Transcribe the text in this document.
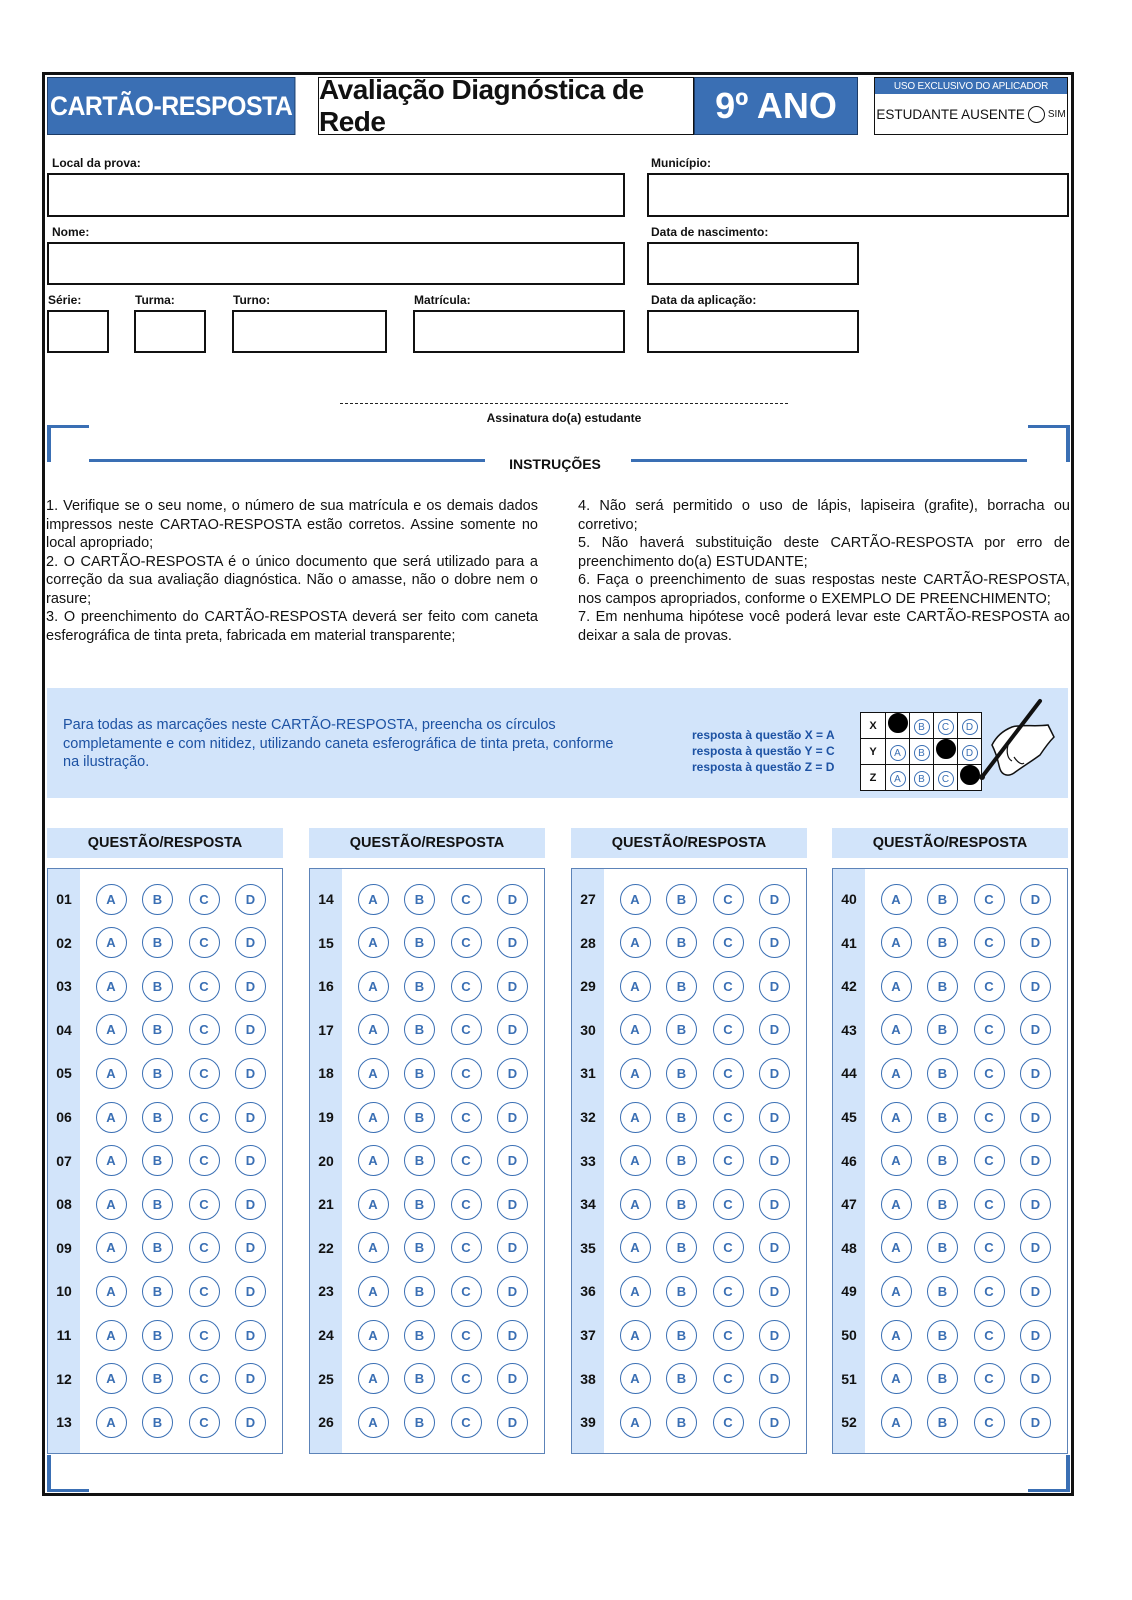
CARTÃO-RESPOSTA
Avaliação Diagnóstica de Rede	9º ANO	USO EXCLUSIVO DO APLICADOR
ESTUDANTE AUSENTE SIM
Local da prova:	Município:
Nome:	Data de nascimento:
Série:	Turma:	Turno:	Matrícula:	Data da aplicação:
Assinatura do(a) estudante
INSTRUÇÕES

1. Verifique se o seu nome, o número de sua matrícula e os demais dados impressos neste CARTAO-RESPOSTA estão corretos. Assine somente no local apropriado;

2. O CARTÃO-RESPOSTA é o único documento que será utilizado para a correção da sua avaliação diagnóstica. Não o amasse, não o dobre nem o rasure;

3. O preenchimento do CARTÃO-RESPOSTA deverá ser feito com caneta esferográfica de tinta preta, fabricada em material transparente;

4. Não será permitido o uso de lápis, lapiseira (grafite), borracha ou corretivo;

5. Não haverá substituição deste CARTÃO-RESPOSTA por erro de preenchimento do(a) ESTUDANTE;

6. Faça o preenchimento de suas respostas neste CARTÃO-RESPOSTA, nos campos apropriados, conforme o EXEMPLO DE PREENCHIMENTO;

7. Em nenhuma hipótese você poderá levar este CARTÃO-RESPOSTA ao deixar a sala de provas.

Para todas as marcações neste CARTÃO-RESPOSTA, preencha os círculos completamente e com nitidez, utilizando caneta esferográfica de tinta preta, conforme na ilustração.
resposta à questão X = A
resposta à questão Y = C
resposta à questão Z = D
X		B	C	D
Y	A	B		D
Z	A	B	C	
QUESTÃO/RESPOSTA
01	A	B	C	D
02	A	B	C	D
03	A	B	C	D
04	A	B	C	D
05	A	B	C	D
06	A	B	C	D
07	A	B	C	D
08	A	B	C	D
09	A	B	C	D
10	A	B	C	D
11	A	B	C	D
12	A	B	C	D
13	A	B	C	D
QUESTÃO/RESPOSTA
14	A	B	C	D
15	A	B	C	D
16	A	B	C	D
17	A	B	C	D
18	A	B	C	D
19	A	B	C	D
20	A	B	C	D
21	A	B	C	D
22	A	B	C	D
23	A	B	C	D
24	A	B	C	D
25	A	B	C	D
26	A	B	C	D
QUESTÃO/RESPOSTA
27	A	B	C	D
28	A	B	C	D
29	A	B	C	D
30	A	B	C	D
31	A	B	C	D
32	A	B	C	D
33	A	B	C	D
34	A	B	C	D
35	A	B	C	D
36	A	B	C	D
37	A	B	C	D
38	A	B	C	D
39	A	B	C	D
QUESTÃO/RESPOSTA
40	A	B	C	D
41	A	B	C	D
42	A	B	C	D
43	A	B	C	D
44	A	B	C	D
45	A	B	C	D
46	A	B	C	D
47	A	B	C	D
48	A	B	C	D
49	A	B	C	D
50	A	B	C	D
51	A	B	C	D
52	A	B	C	D
